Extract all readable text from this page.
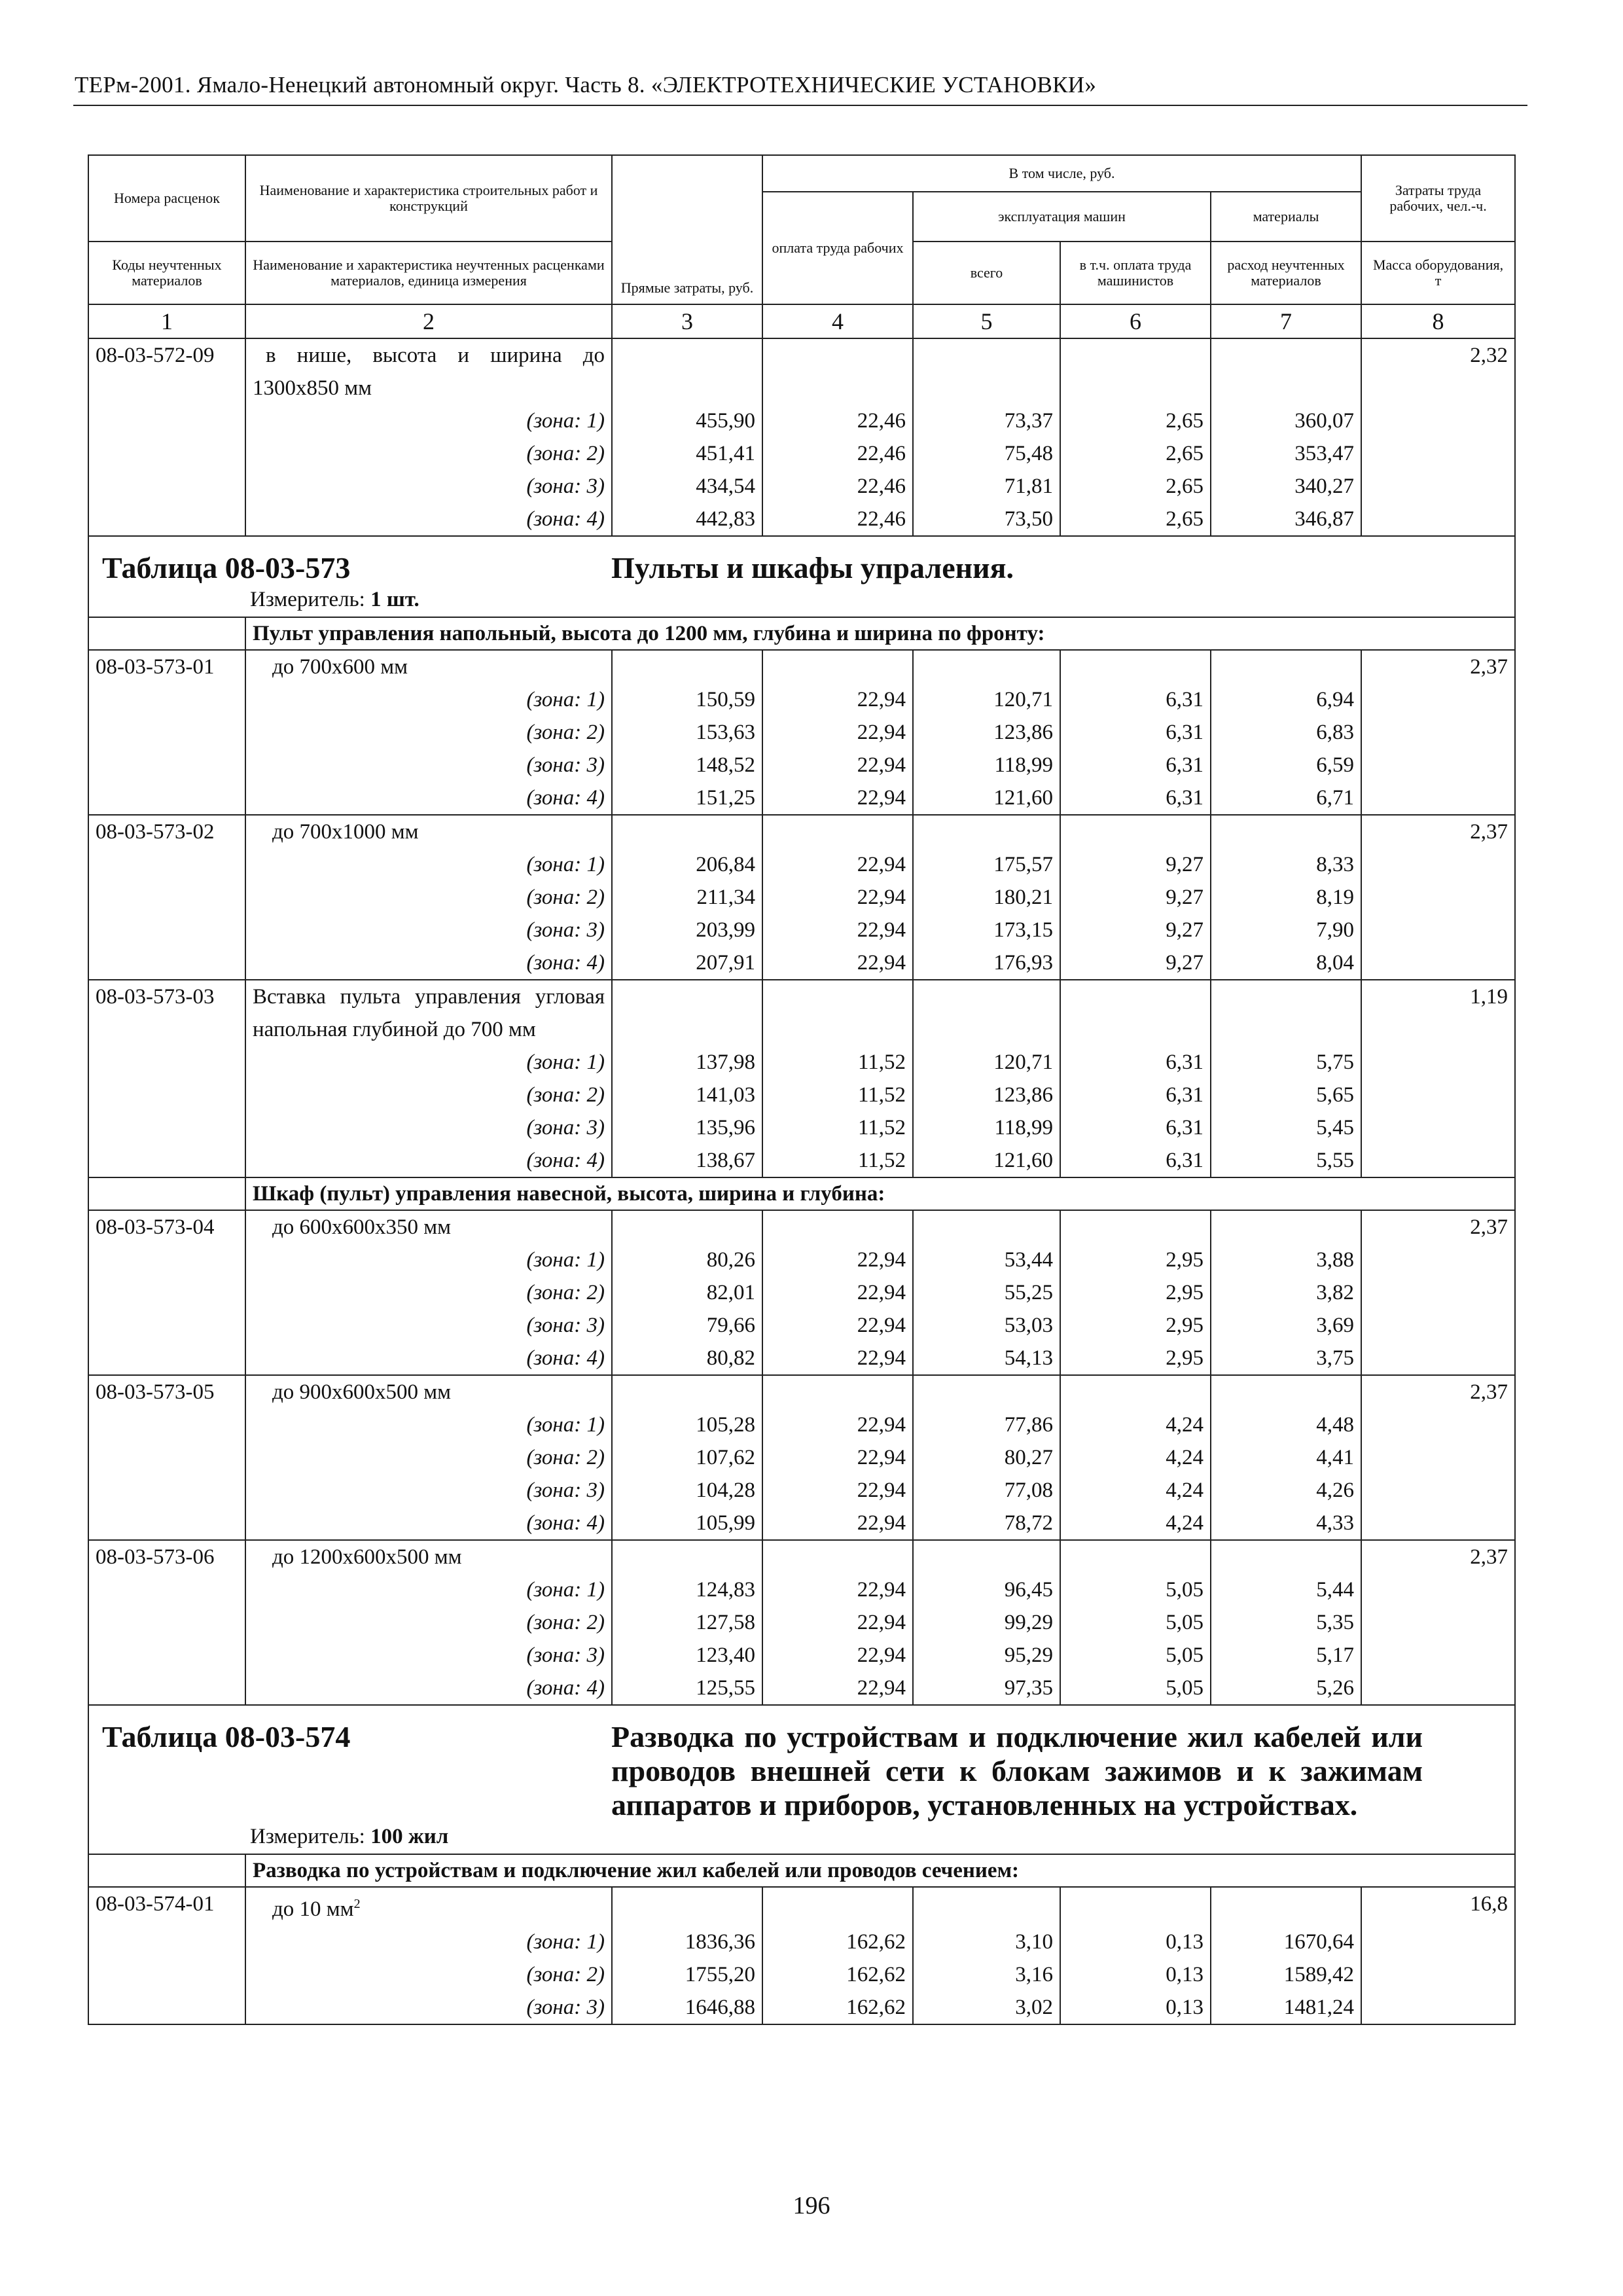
ТЕРм-2001. Ямало-Ненецкий автономный округ. Часть 8. «ЭЛЕКТРОТЕХНИЧЕСКИЕ УСТАНОВКИ»
Номера расценок	Наименование и характеристика строительных работ и конструкций	Прямые затраты, руб.	В том числе, руб.				Затраты труда рабочих, чел.-ч.
			оплата труда рабочих	эксплуатация машин		материалы	
Коды неучтенных материалов	Наименование и характеристика неучтенных расценками материалов, единица измерения			всего	в т.ч. оплата труда машинистов	расход неучтенных материалов	Масса оборудования, т
1	2	3	4	5	6	7	8
08-03-572-09	в нише, высота и ширина до 1300х850 мм						2,32
	(зона: 1)	455,90	22,46	73,37	2,65	360,07	
	(зона: 2)	451,41	22,46	75,48	2,65	353,47	
	(зона: 3)	434,54	22,46	71,81	2,65	340,27	
	(зона: 4)	442,83	22,46	73,50	2,65	346,87	

Таблица 08-03-573 Пульты и шкафы упраления.
Измеритель: 1 шт.							

	Пульт управления напольный, высота до 1200 мм, глубина и ширина по фронту:						
08-03-573-01	до 700х600 мм						2,37
	(зона: 1)	150,59	22,94	120,71	6,31	6,94	
	(зона: 2)	153,63	22,94	123,86	6,31	6,83	
	(зона: 3)	148,52	22,94	118,99	6,31	6,59	
	(зона: 4)	151,25	22,94	121,60	6,31	6,71	
08-03-573-02	до 700х1000 мм						2,37
	(зона: 1)	206,84	22,94	175,57	9,27	8,33	
	(зона: 2)	211,34	22,94	180,21	9,27	8,19	
	(зона: 3)	203,99	22,94	173,15	9,27	7,90	
	(зона: 4)	207,91	22,94	176,93	9,27	8,04	
08-03-573-03	Вставка пульта управления угловая напольная глубиной до 700 мм						1,19
	(зона: 1)	137,98	11,52	120,71	6,31	5,75	
	(зона: 2)	141,03	11,52	123,86	6,31	5,65	
	(зона: 3)	135,96	11,52	118,99	6,31	5,45	
	(зона: 4)	138,67	11,52	121,60	6,31	5,55	
	Шкаф (пульт) управления навесной, высота, ширина и глубина:						
08-03-573-04	до 600х600х350 мм						2,37
	(зона: 1)	80,26	22,94	53,44	2,95	3,88	
	(зона: 2)	82,01	22,94	55,25	2,95	3,82	
	(зона: 3)	79,66	22,94	53,03	2,95	3,69	
	(зона: 4)	80,82	22,94	54,13	2,95	3,75	
08-03-573-05	до 900х600х500 мм						2,37
	(зона: 1)	105,28	22,94	77,86	4,24	4,48	
	(зона: 2)	107,62	22,94	80,27	4,24	4,41	
	(зона: 3)	104,28	22,94	77,08	4,24	4,26	
	(зона: 4)	105,99	22,94	78,72	4,24	4,33	
08-03-573-06	до 1200х600х500 мм						2,37
	(зона: 1)	124,83	22,94	96,45	5,05	5,44	
	(зона: 2)	127,58	22,94	99,29	5,05	5,35	
	(зона: 3)	123,40	22,94	95,29	5,05	5,17	
	(зона: 4)	125,55	22,94	97,35	5,05	5,26	

Таблица 08-03-574 Разводка по устройствам и подключение жил кабелей или проводов внешней сети к блокам зажимов и к зажимам аппаратов и приборов, установленных на устройствах.
Измеритель: 100 жил							

	Разводка по устройствам и подключение жил кабелей или проводов сечением:						
08-03-574-01	до 10 $мм^2$						16,8
	(зона: 1)	1836,36	162,62	3,10	0,13	1670,64	
	(зона: 2)	1755,20	162,62	3,16	0,13	1589,42	
	(зона: 3)	1646,88	162,62	3,02	0,13	1481,24	
196
